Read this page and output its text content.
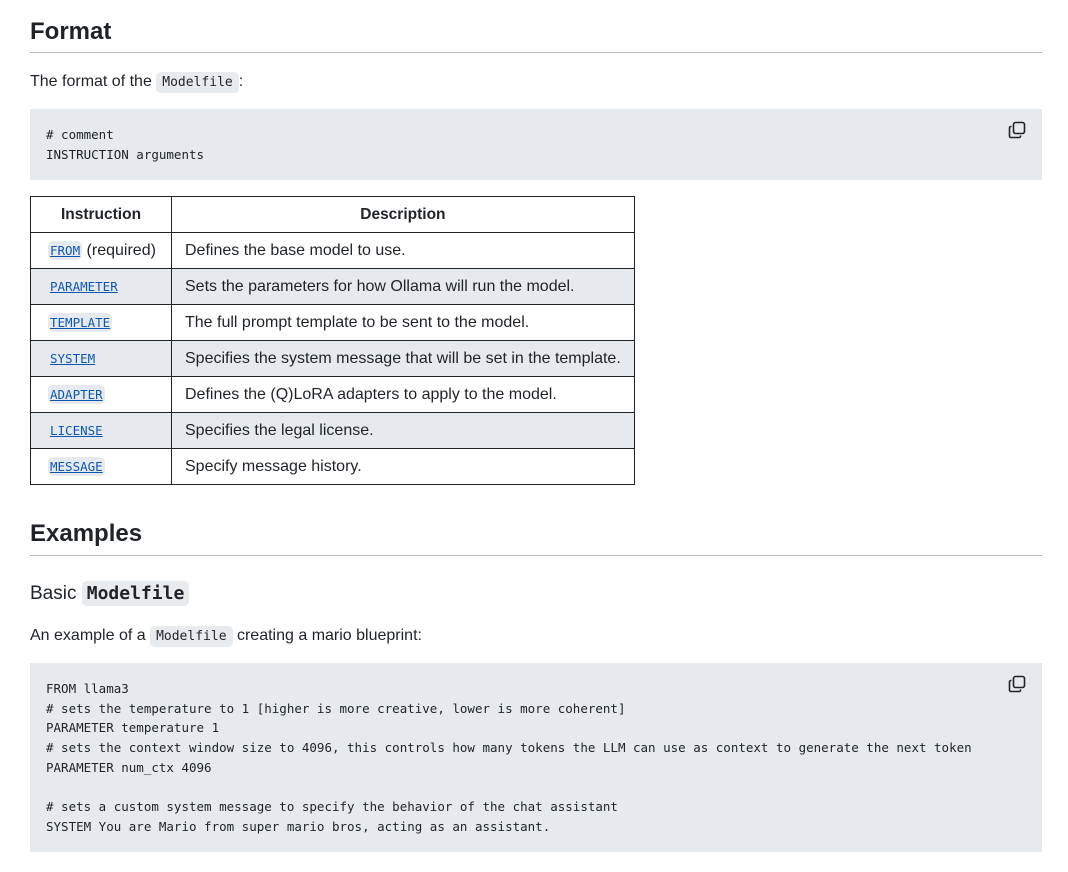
Format

The format of the Modelfile :

# comment
INSTRUCTION arguments
Instruction	Description
FROM (required)	Defines the base model to use.
PARAMETER	Sets the parameters for how Ollama will run the model.
TEMPLATE	The full prompt template to be sent to the model.
SYSTEM	Specifies the system message that will be set in the template.
ADAPTER	Defines the (Q)LoRA adapters to apply to the model.
LICENSE	Specifies the legal license.
MESSAGE	Specify message history.
Examples
Basic Modelfile

An example of a Modelfile creating a mario blueprint:

FROM llama3
# sets the temperature to 1 [higher is more creative, lower is more coherent]
PARAMETER temperature 1
# sets the context window size to 4096, this controls how many tokens the LLM can use as context to generate the next token
PARAMETER num_ctx 4096

# sets a custom system message to specify the behavior of the chat assistant
SYSTEM You are Mario from super mario bros, acting as an assistant.
